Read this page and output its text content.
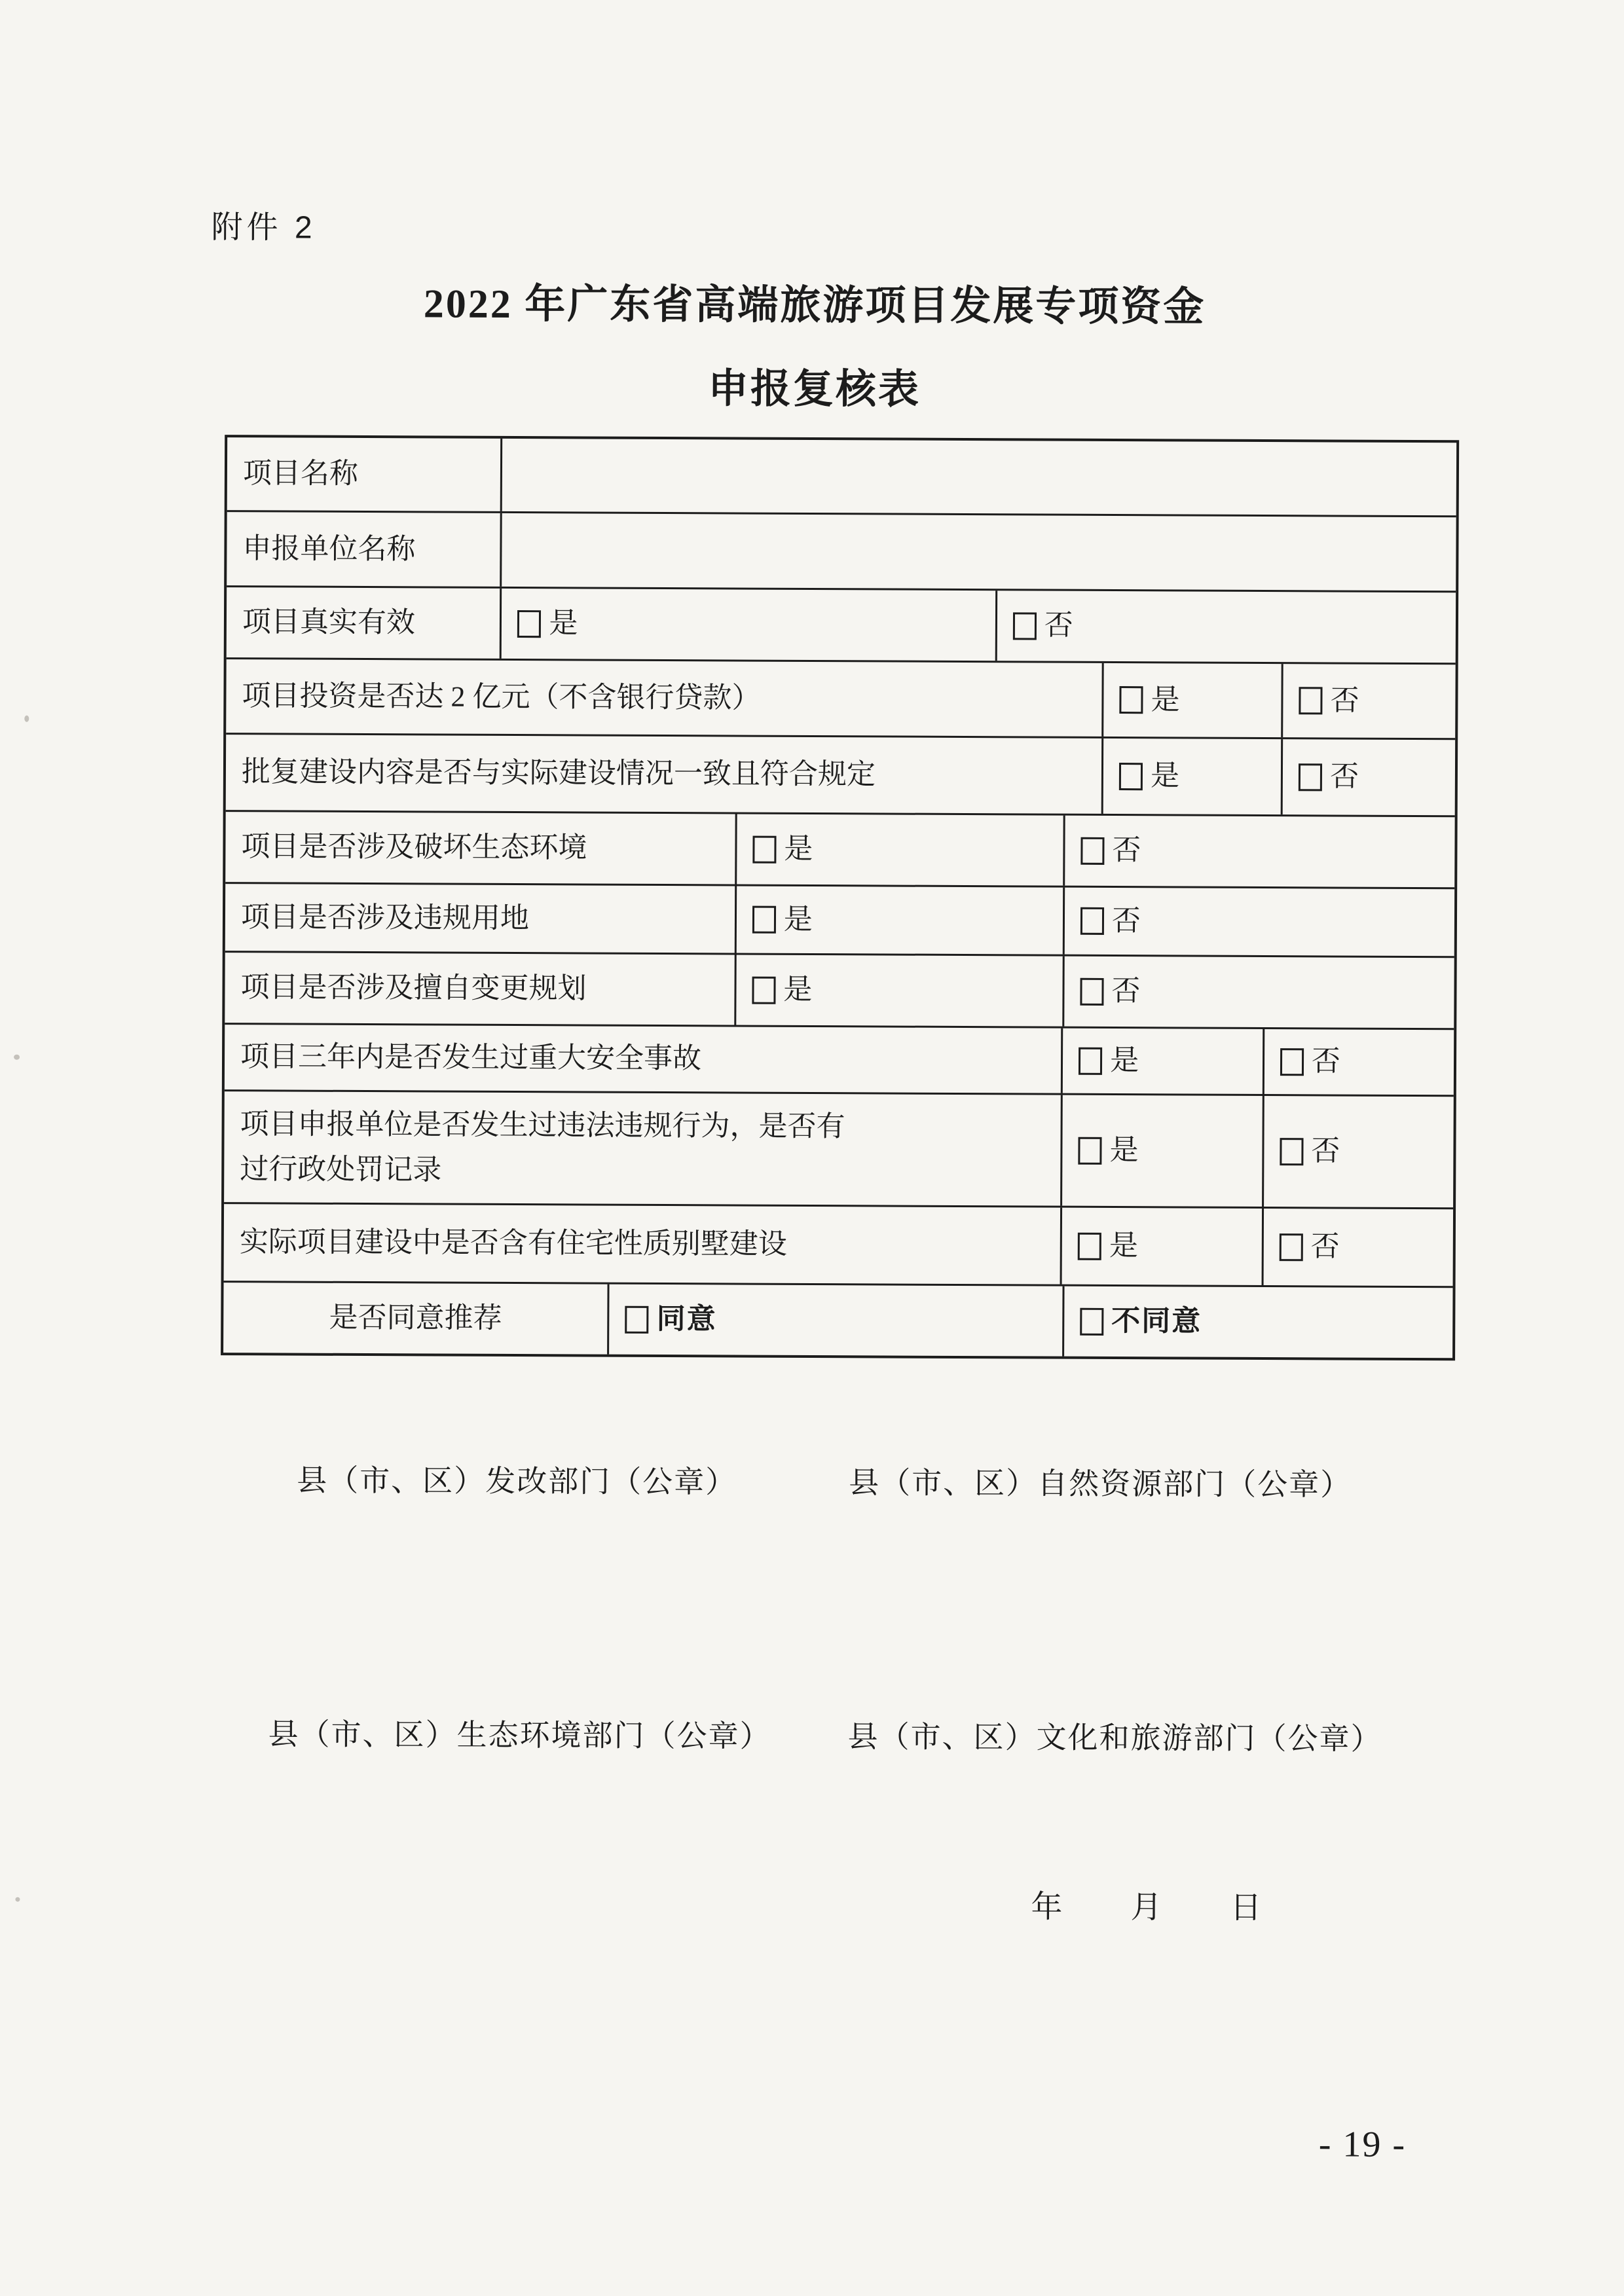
附件 2
2022 年广东省高端旅游项目发展专项资金
申报复核表
项目名称
申报单位名称
项目真实有效	是	否
项目投资是否达 2 亿元（不含银行贷款）	是	否
批复建设内容是否与实际建设情况一致且符合规定	是	否
项目是否涉及破坏生态环境	是	否
项目是否涉及违规用地	是	否
项目是否涉及擅自变更规划	是	否
项目三年内是否发生过重大安全事故	是	否
项目申报单位是否发生过违法违规行为，是否有
过行政处罚记录
是	否
实际项目建设中是否含有住宅性质别墅建设	是	否
是否同意推荐	同意	不同意
县（市、区）发改部门（公章）	县（市、区）自然资源部门（公章）
县（市、区）生态环境部门（公章）	县（市、区）文化和旅游部门（公章）
年 月 日
- 19 -
